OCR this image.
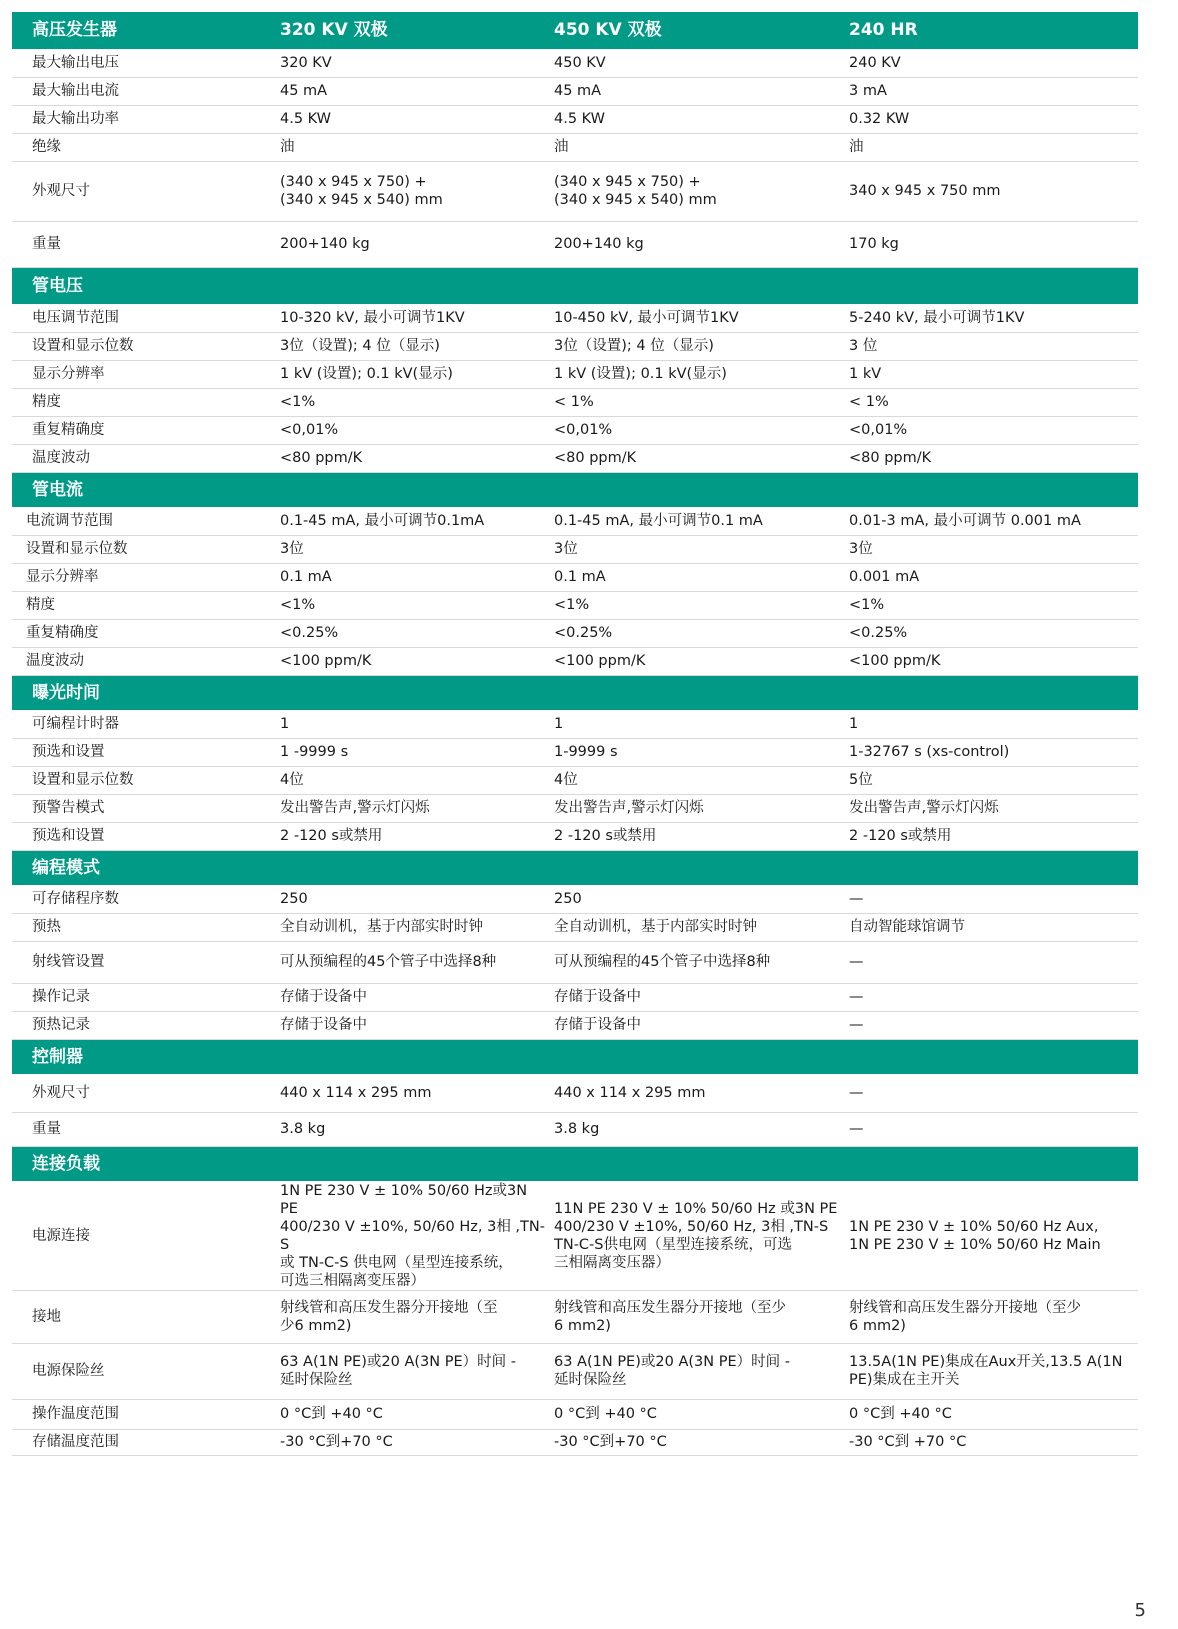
高压发生器	320 KV 双极	450 KV 双极	240 HR
最大输出电压	320 KV	450 KV	240 KV

最大输出电流	45 mA	45 mA	3 mA

最大输出功率	4.5 KW	4.5 KW	0.32 KW

绝缘	油	油	油

外观尺寸	(340 x 945 x 750) +
(340 x 945 x 540) mm	(340 x 945 x 750) +
(340 x 945 x 540) mm	340 x 945 x 750 mm

重量	200+140 kg	200+140 kg	170 kg

管电压			
电压调节范围	10-320 kV, 最小可调节1KV	10-450 kV, 最小可调节1KV	5-240 kV, 最小可调节1KV

设置和显示位数	3位（设置); 4 位（显示)	3位（设置); 4 位（显示)	3 位

显示分辨率	1 kV (设置); 0.1 kV(显示)	1 kV (设置); 0.1 kV(显示)	1 kV

精度	<1%	< 1%	< 1%

重复精确度	<0,01%	<0,01%	<0,01%

温度波动	<80 ppm/K	<80 ppm/K	<80 ppm/K

管电流			
电流调节范围	0.1-45 mA, 最小可调节0.1mA	0.1-45 mA, 最小可调节0.1 mA	0.01-3 mA, 最小可调节 0.001 mA

设置和显示位数	3位	3位	3位

显示分辨率	0.1 mA	0.1 mA	0.001 mA

精度	<1%	<1%	<1%

重复精确度	<0.25%	<0.25%	<0.25%

温度波动	<100 ppm/K	<100 ppm/K	<100 ppm/K

曝光时间			
可编程计时器	1	1	1

预选和设置	1 -9999 s	1-9999 s	1-32767 s (xs-control)

设置和显示位数	4位	4位	5位

预警告模式	发出警告声,警示灯闪烁	发出警告声,警示灯闪烁	发出警告声,警示灯闪烁

预选和设置	2 -120 s或禁用	2 -120 s或禁用	2 -120 s或禁用

编程模式			
可存储程序数	250	250	—

预热	全自动训机，基于内部实时时钟	全自动训机，基于内部实时时钟	自动智能球馆调节

射线管设置	可从预编程的45个管子中选择8种	可从预编程的45个管子中选择8种	—

操作记录	存储于设备中	存储于设备中	—

预热记录	存储于设备中	存储于设备中	—

控制器			
外观尺寸	440 x 114 x 295 mm	440 x 114 x 295 mm	—

重量	3.8 kg	3.8 kg	—

连接负载			
电源连接	1N PE 230 V ± 10% 50/60 Hz或3N PE
400/230 V ±10%, 50/60 Hz, 3相 ,TN-S
或 TN-C-S 供电网（星型连接系统，
可选三相隔离变压器）	11N PE 230 V ± 10% 50/60 Hz 或3N PE
400/230 V ±10%, 50/60 Hz, 3相 ,TN-S
TN-C-S供电网（星型连接系统，可选
三相隔离变压器）	1N PE 230 V ± 10% 50/60 Hz Aux,
1N PE 230 V ± 10% 50/60 Hz Main

接地	射线管和高压发生器分开接地（至
少6 mm2)	射线管和高压发生器分开接地（至少
6 mm2)	射线管和高压发生器分开接地（至少
6 mm2)

电源保险丝	63 A(1N PE)或20 A(3N PE）时间 -
延时保险丝	63 A(1N PE)或20 A(3N PE）时间 -
延时保险丝	13.5A(1N PE)集成在Aux开关,13.5 A(1N
PE)集成在主开关

操作温度范围	0 °C到 +40 °C	0 °C到 +40 °C	0 °C到 +40 °C

存储温度范围	-30 °C到+70 °C	-30 °C到+70 °C	-30 °C到 +70 °C
5
